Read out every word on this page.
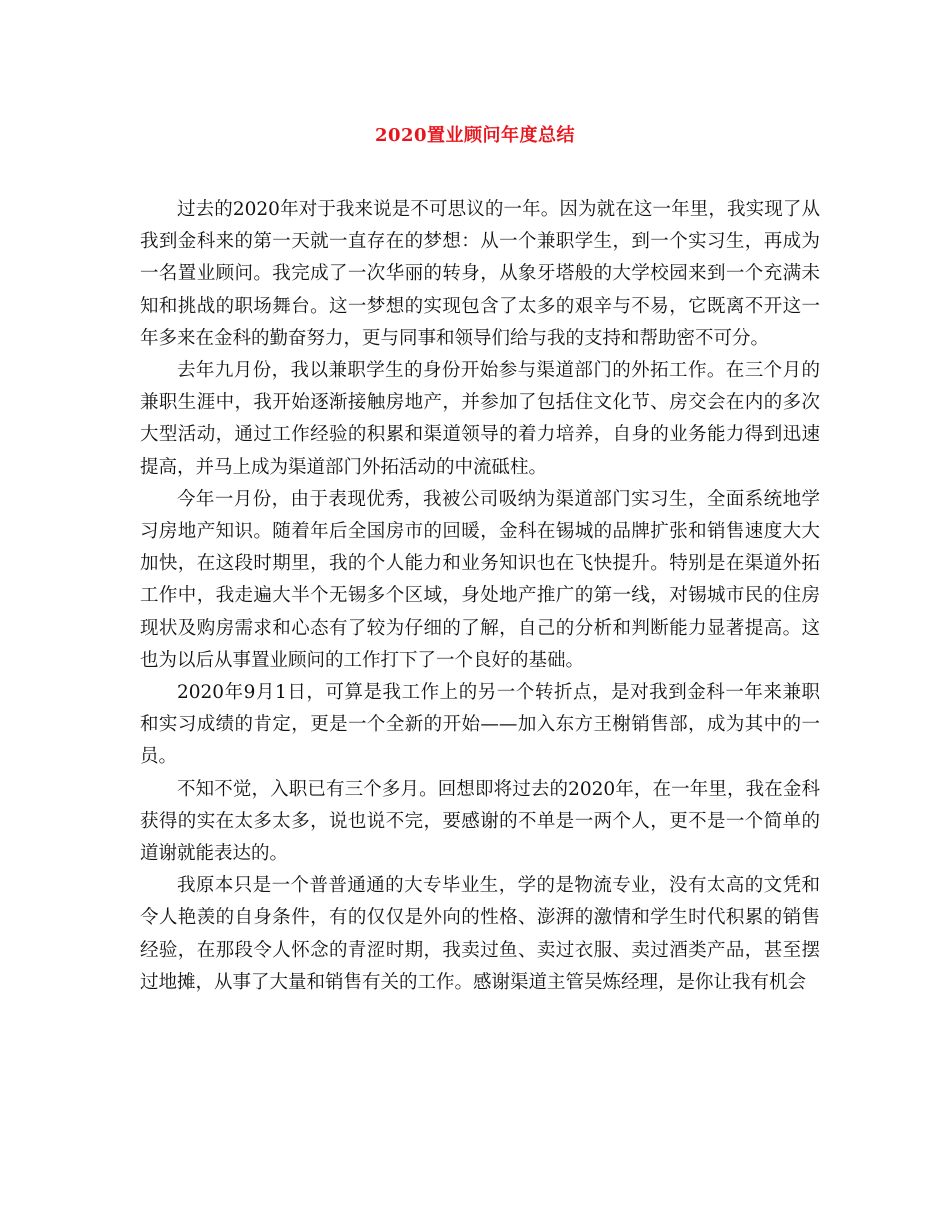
2020置业顾问年度总结

过去的2020年对于我来说是不可思议的一年。因为就在这一年里，我实现了从我到金科来的第一天就一直存在的梦想：从一个兼职学生，到一个实习生，再成为一名置业顾问。我完成了一次华丽的转身，从象牙塔般的大学校园来到一个充满未知和挑战的职场舞台。这一梦想的实现包含了太多的艰辛与不易，它既离不开这一年多来在金科的勤奋努力，更与同事和领导们给与我的支持和帮助密不可分。

去年九月份，我以兼职学生的身份开始参与渠道部门的外拓工作。在三个月的兼职生涯中，我开始逐渐接触房地产，并参加了包括住文化节、房交会在内的多次大型活动，通过工作经验的积累和渠道领导的着力培养，自身的业务能力得到迅速提高，并马上成为渠道部门外拓活动的中流砥柱。

今年一月份，由于表现优秀，我被公司吸纳为渠道部门实习生，全面系统地学习房地产知识。随着年后全国房市的回暖，金科在锡城的品牌扩张和销售速度大大加快，在这段时期里，我的个人能力和业务知识也在飞快提升。特别是在渠道外拓工作中，我走遍大半个无锡多个区域，身处地产推广的第一线，对锡城市民的住房现状及购房需求和心态有了较为仔细的了解，自己的分析和判断能力显著提高。这也为以后从事置业顾问的工作打下了一个良好的基础。

2020年9月1日，可算是我工作上的另一个转折点，是对我到金科一年来兼职和实习成绩的肯定，更是一个全新的开始——加入东方王榭销售部，成为其中的一员。

不知不觉，入职已有三个多月。回想即将过去的2020年，在一年里，我在金科获得的实在太多太多，说也说不完，要感谢的不单是一两个人，更不是一个简单的道谢就能表达的。

我原本只是一个普普通通的大专毕业生，学的是物流专业，没有太高的文凭和令人艳羡的自身条件，有的仅仅是外向的性格、澎湃的激情和学生时代积累的销售经验，在那段令人怀念的青涩时期，我卖过鱼、卖过衣服、卖过酒类产品，甚至摆过地摊，从事了大量和销售有关的工作。感谢渠道主管吴炼经理，是你让我有机会
